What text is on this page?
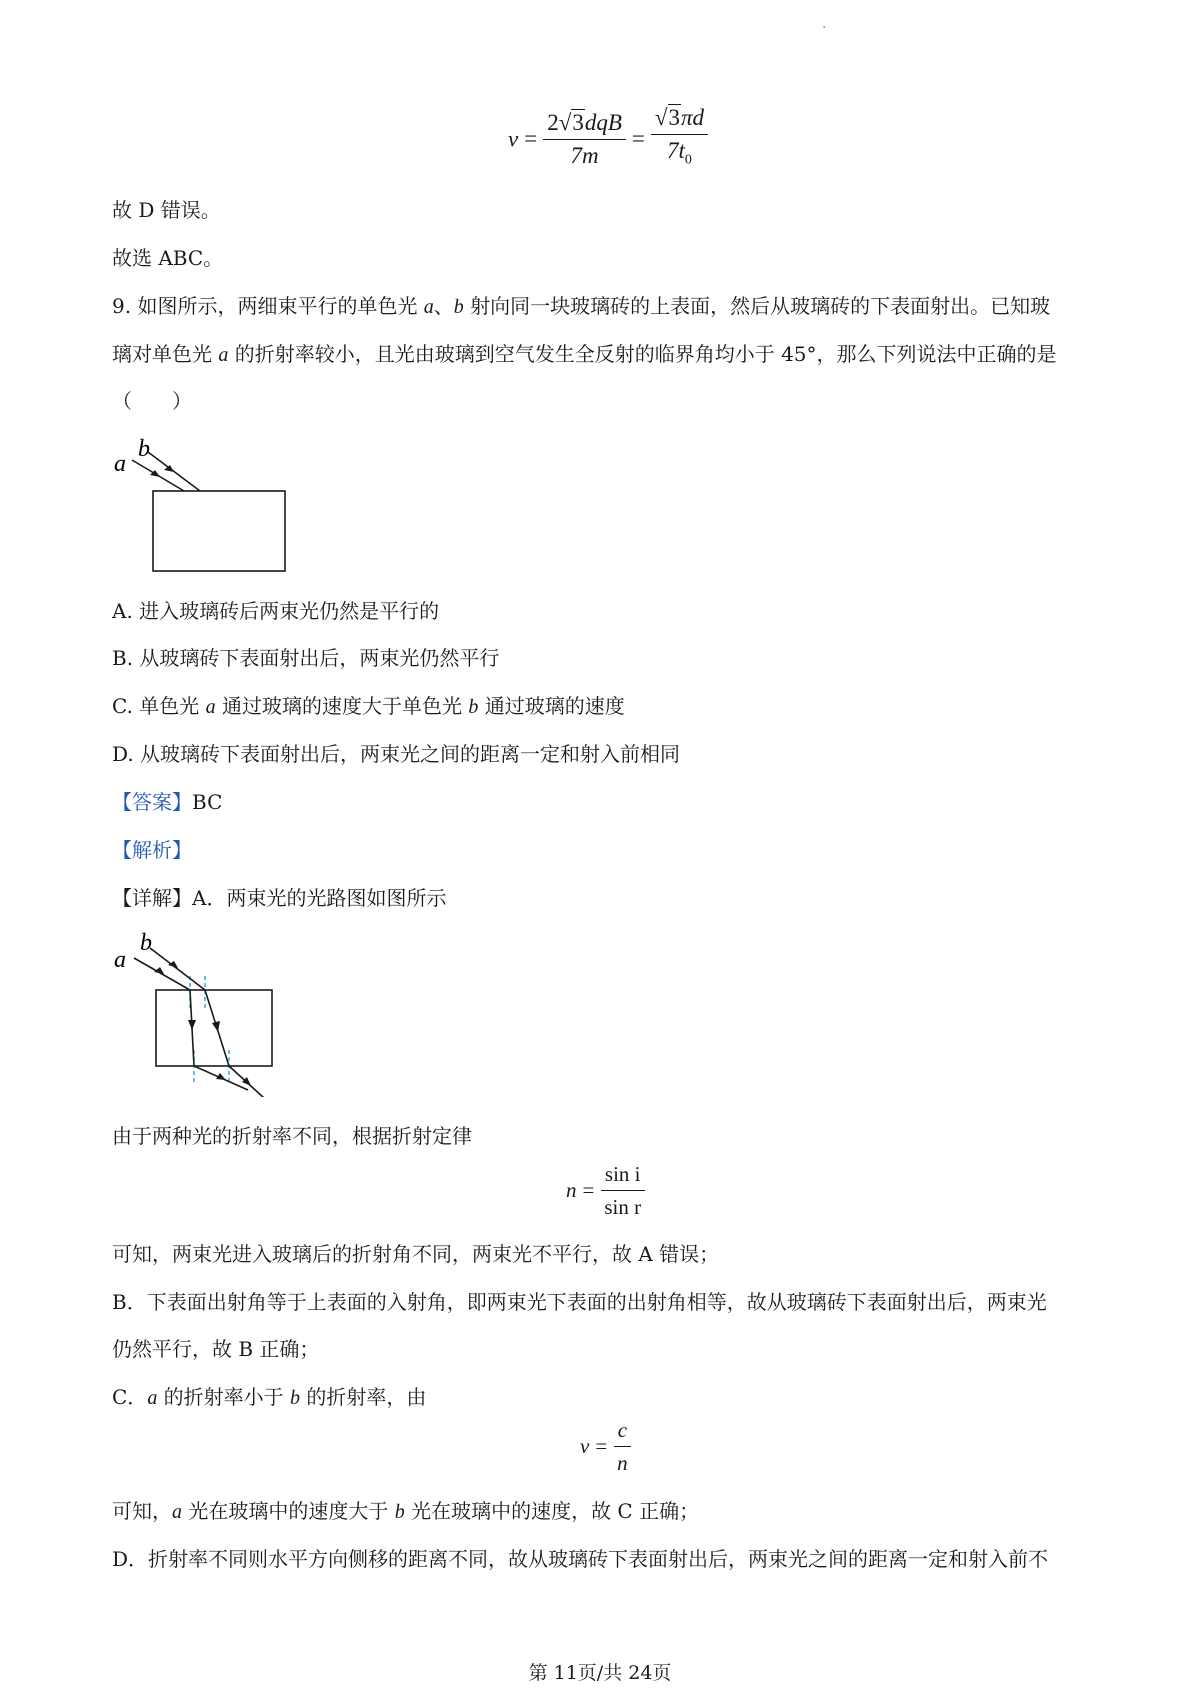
·
$v = \frac{\text{2√3dqB}}{7m} = \frac{√3\pi d}{7t_0}$
故 D 错误。
故选 ABC。
9. 如图所示，两细束平行的单色光 a、b 射向同一块玻璃砖的上表面，然后从玻璃砖的下表面射出。已知玻
璃对单色光 a 的折射率较小，且光由玻璃到空气发生全反射的临界角均小于 45°，那么下列说法中正确的是
（　　）
a
b
A. 进入玻璃砖后两束光仍然是平行的
B. 从玻璃砖下表面射出后，两束光仍然平行
C. 单色光 a 通过玻璃的速度大于单色光 b 通过玻璃的速度
D. 从玻璃砖下表面射出后，两束光之间的距离一定和射入前相同
【答案】BC
【解析】
【详解】A．两束光的光路图如图所示
a
b
由于两种光的折射率不同，根据折射定律
$n = \frac{\text{sin i}}{\text{sin r}}$
可知，两束光进入玻璃后的折射角不同，两束光不平行，故 A 错误；
B．下表面出射角等于上表面的入射角，即两束光下表面的出射角相等，故从玻璃砖下表面射出后，两束光
仍然平行，故 B 正确；
C．a 的折射率小于 b 的折射率，由
$v = \frac{c}{n}$
可知，a 光在玻璃中的速度大于 b 光在玻璃中的速度，故 C 正确；
D．折射率不同则水平方向侧移的距离不同，故从玻璃砖下表面射出后，两束光之间的距离一定和射入前不
第 11页/共 24页
